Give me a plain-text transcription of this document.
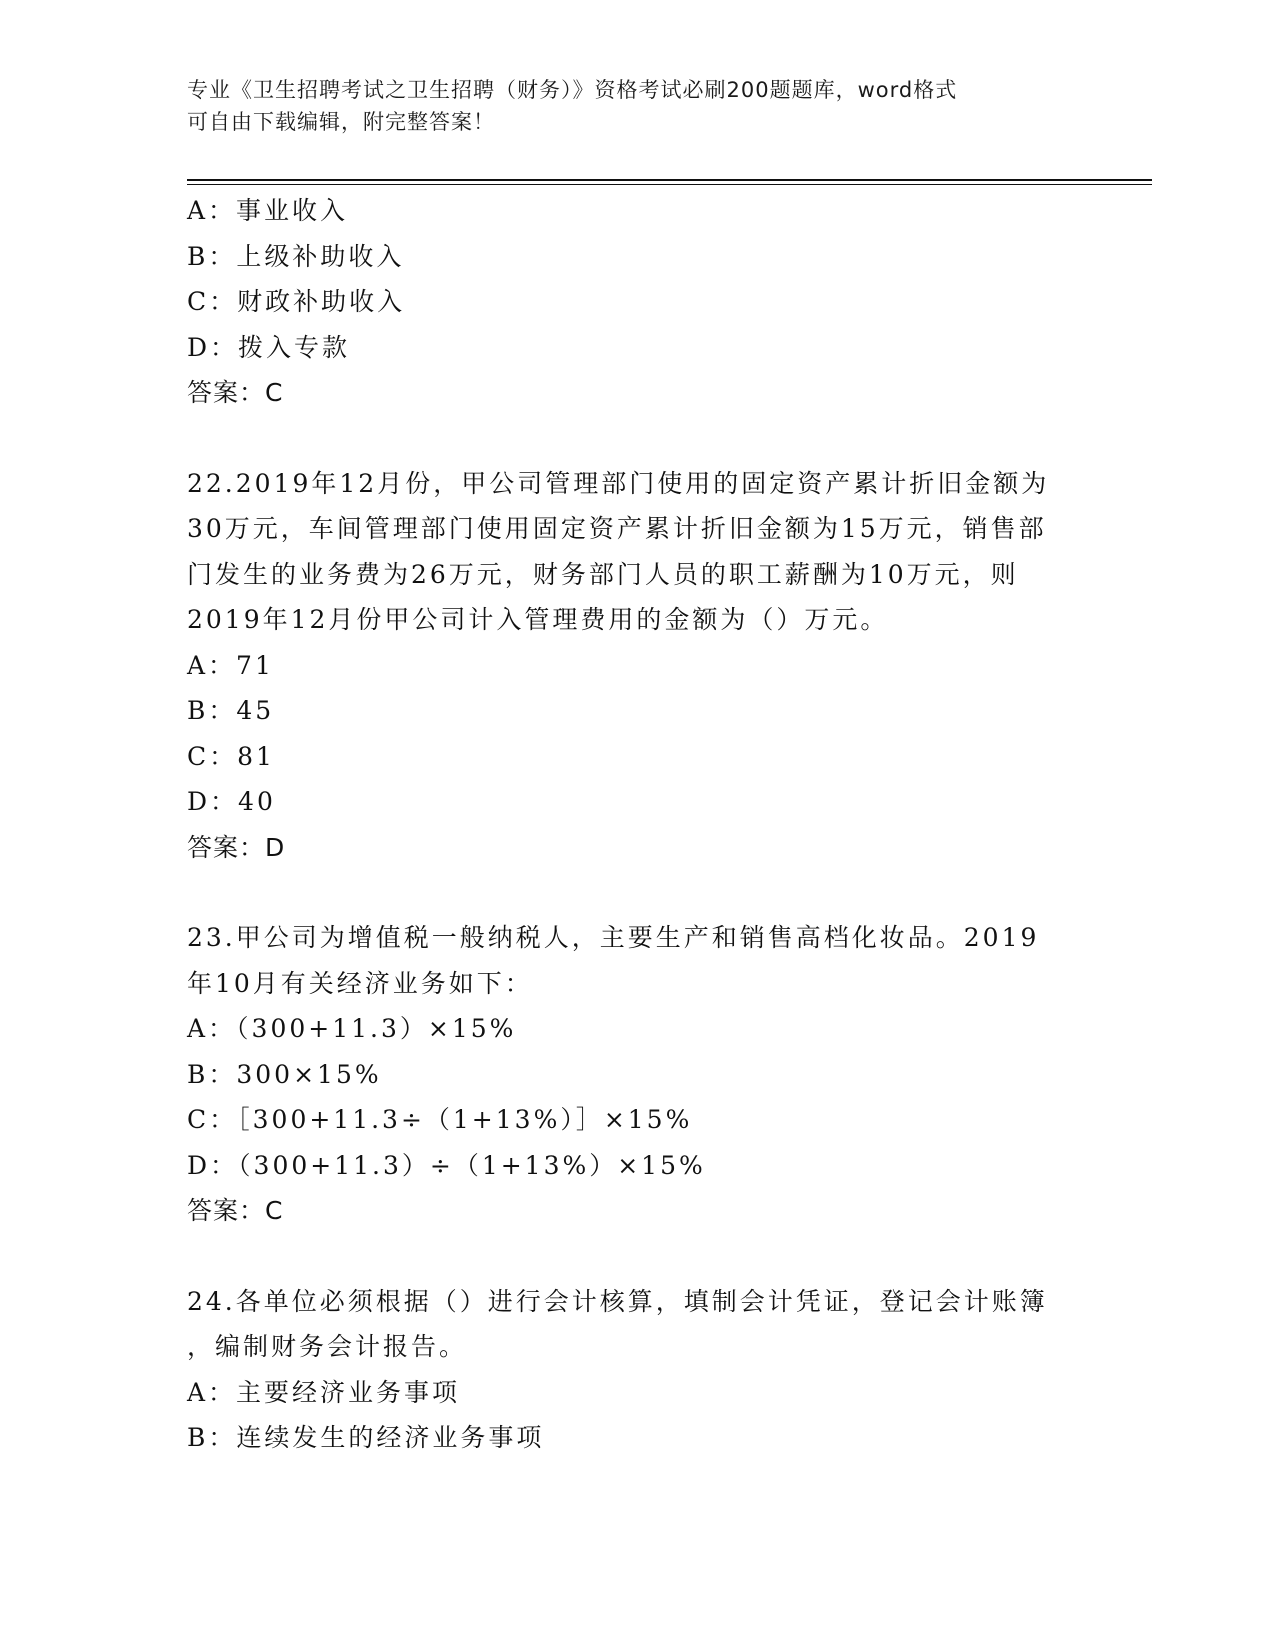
专业《卫生招聘考试之卫生招聘（财务）》资格考试必刷200题题库，word格式
可自由下载编辑，附完整答案！
A：事业收入
B：上级补助收入
C：财政补助收入
D：拨入专款
答案：C
22.2019年12月份，甲公司管理部门使用的固定资产累计折旧金额为
30万元，车间管理部门使用固定资产累计折旧金额为15万元，销售部
门发生的业务费为26万元，财务部门人员的职工薪酬为10万元，则
2019年12月份甲公司计入管理费用的金额为（）万元。
A：71
B：45
C：81
D：40
答案：D
23.甲公司为增值税一般纳税人，主要生产和销售高档化妆品。2019
年10月有关经济业务如下：
A：（300+11.3）×15%
B：300×15%
C：［300+11.3÷（1+13%）］×15%
D：（300+11.3）÷（1+13%）×15%
答案：C
24.各单位必须根据（）进行会计核算，填制会计凭证，登记会计账簿
，编制财务会计报告。
A：主要经济业务事项
B：连续发生的经济业务事项
